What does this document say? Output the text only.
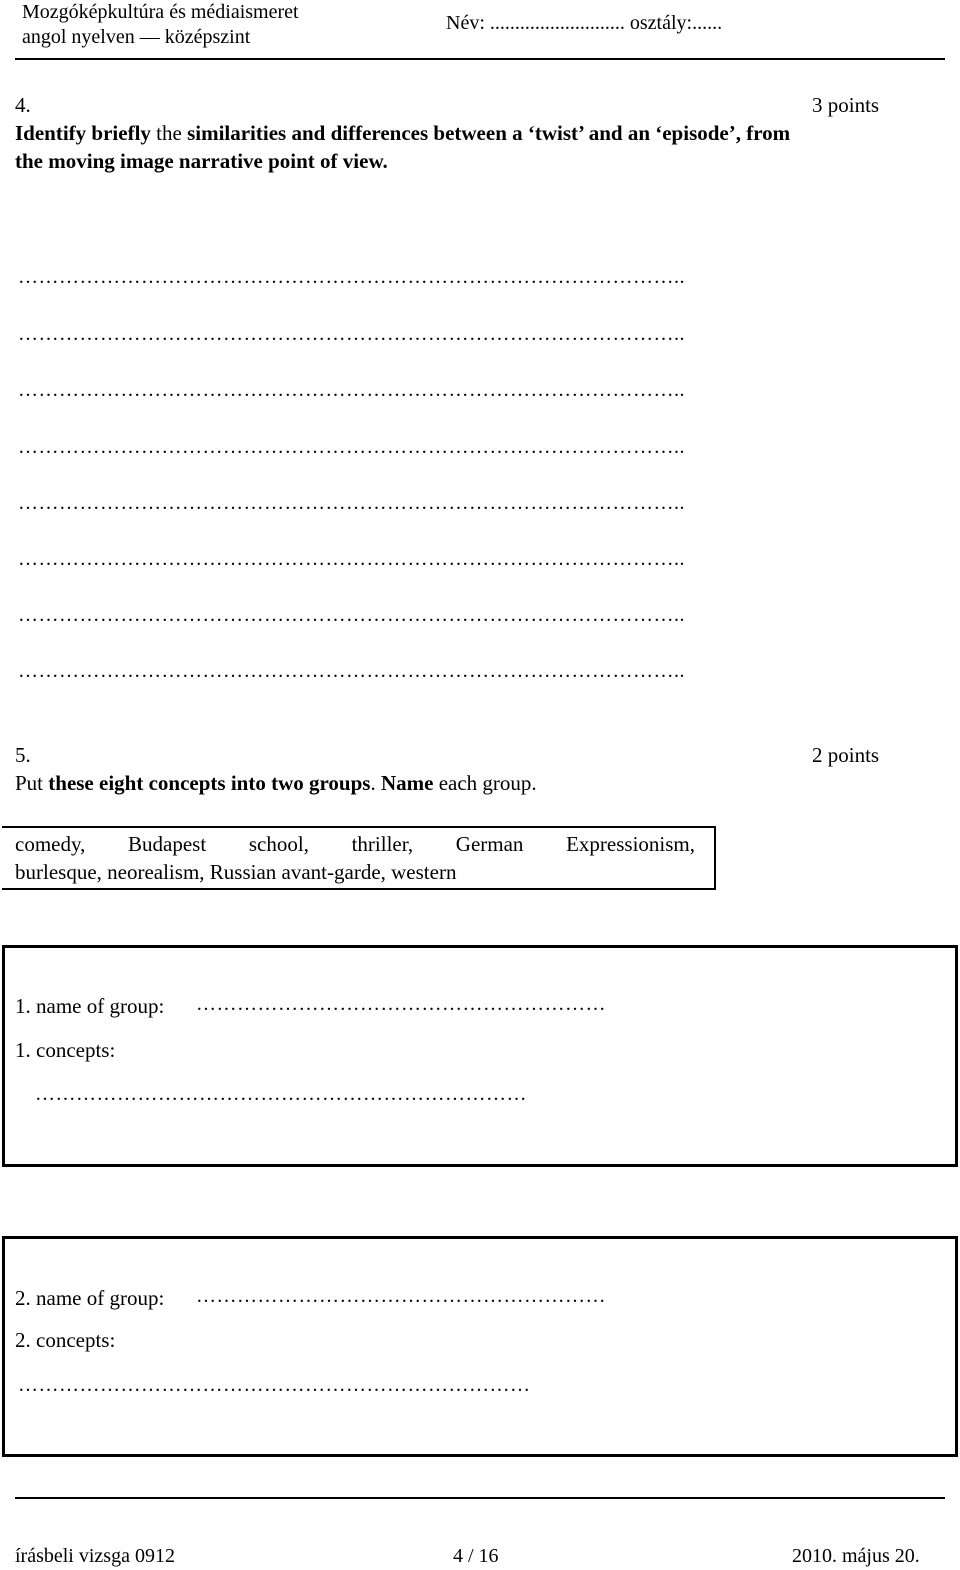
Mozgóképkultúra és médiaismeret
angol nyelven — középszint
Név: ........................... osztály:......
4.	3 points
Identify briefly the similarities and differences between a ‘twist’ and an ‘episode’, from
the moving image narrative point of view.
……………………………………………………………………………………..
……………………………………………………………………………………..
……………………………………………………………………………………..
……………………………………………………………………………………..
……………………………………………………………………………………..
……………………………………………………………………………………..
……………………………………………………………………………………..
……………………………………………………………………………………..
5.	2 points
Put these eight concepts into two groups. Name each group.
comedy, Budapest school, thriller, German Expressionism,
burlesque, neorealism, Russian avant-garde, western
1. name of group: ……………………………………………………
1. concepts:
………………………………………………………………
2. name of group: ……………………………………………………
2. concepts:
…………………………………………………………………
írásbeli vizsga 0912	4 / 16	2010. május 20.
